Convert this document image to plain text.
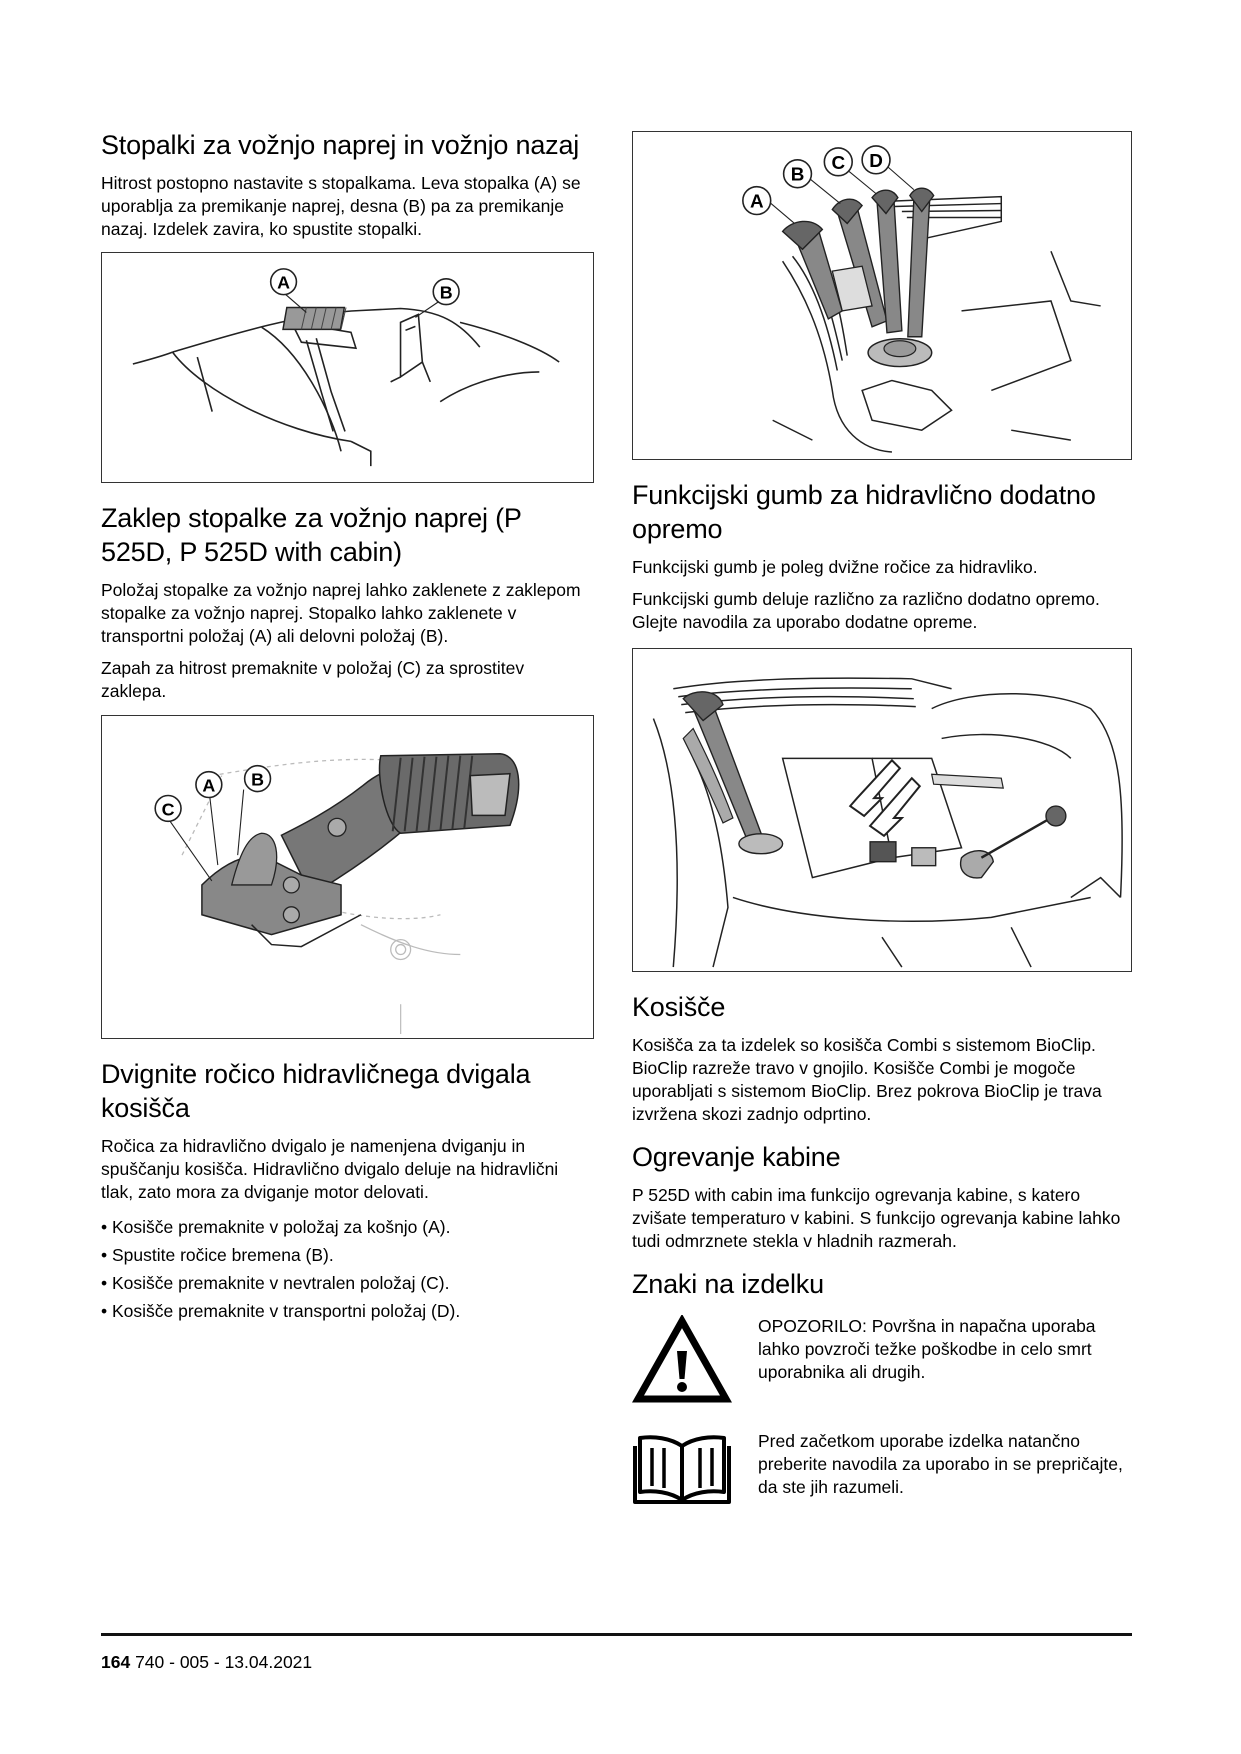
Stopalki za vožnjo naprej in vožnjo nazaj

Hitrost postopno nastavite s stopalkama. Leva stopalka (A) se uporablja za premikanje naprej, desna (B) pa za premikanje nazaj. Izdelek zavira, ko spustite stopalki.

A	B
Zaklep stopalke za vožnjo naprej (P 525D, P 525D with cabin)

Položaj stopalke za vožnjo naprej lahko zaklenete z zaklepom stopalke za vožnjo naprej. Stopalko lahko zaklenete v transportni položaj (A) ali delovni položaj (B).

Zapah za hitrost premaknite v položaj (C) za sprostitev zaklepa.

C
A B
Dvignite ročico hidravličnega dvigala kosišča

Ročica za hidravlično dvigalo je namenjena dviganju in spuščanju kosišča. Hidravlično dvigalo deluje na hidravlični tlak, zato mora za dviganje motor delovati.

• Kosišče premaknite v položaj za košnjo (A).
• Spustite ročice bremena (B).
• Kosišče premaknite v nevtralen položaj (C).
• Kosišče premaknite v transportni položaj (D).
A
B
C D
Funkcijski gumb za hidravlično dodatno opremo

Funkcijski gumb je poleg dvižne ročice za hidravliko.

Funkcijski gumb deluje različno za različno dodatno opremo. Glejte navodila za uporabo dodatne opreme.

Kosišče

Kosišča za ta izdelek so kosišča Combi s sistemom BioClip. BioClip razreže travo v gnojilo. Kosišče Combi je mogoče uporabljati s sistemom BioClip. Brez pokrova BioClip je trava izvržena skozi zadnjo odprtino.

Ogrevanje kabine

P 525D with cabin ima funkcijo ogrevanja kabine, s katero zvišate temperaturo v kabini. S funkcijo ogrevanja kabine lahko tudi odmrznete stekla v hladnih razmerah.

Znaki na izdelku
OPOZORILO: Površna in napačna uporaba lahko povzroči težke poškodbe in celo smrt uporabnika ali drugih.
Pred začetkom uporabe izdelka natančno preberite navodila za uporabo in se prepričajte, da ste jih razumeli.
164 740 - 005 - 13.04.2021
